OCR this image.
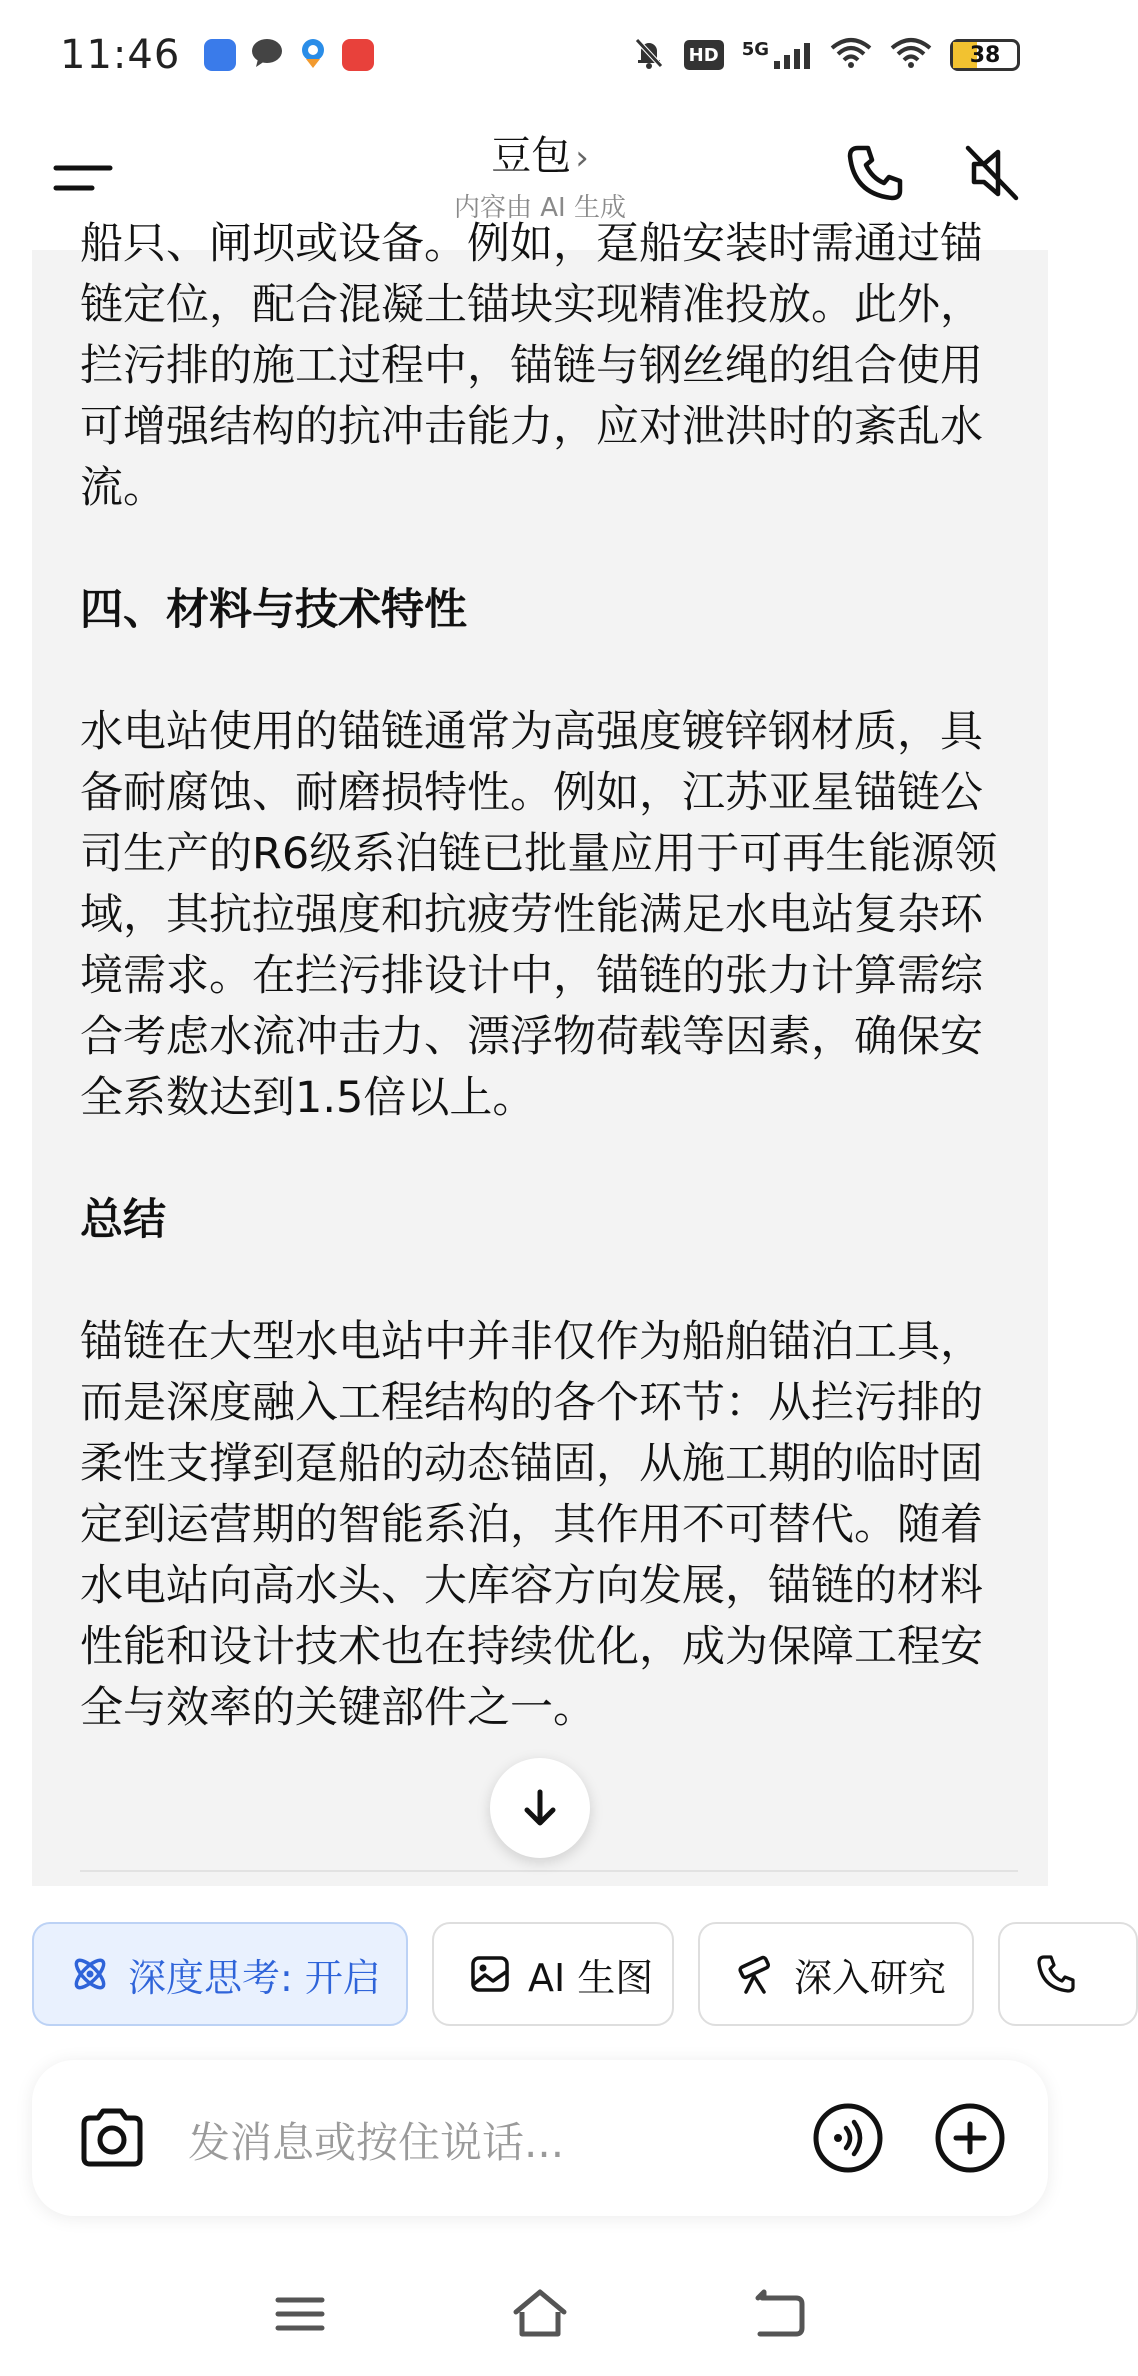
11:46	HD 5G	38
豆包 ›
内容由 AI 生成
船只、闸坝或设备。例如，趸船安装时需通过锚链定位，配合混凝土锚块实现精准投放。此外，拦污排的施工过程中，锚链与钢丝绳的组合使用可增强结构的抗冲击能力，应对泄洪时的紊乱水流。
四、材料与技术特性
水电站使用的锚链通常为高强度镀锌钢材质，具备耐腐蚀、耐磨损特性。例如，江苏亚星锚链公司生产的R6级系泊链已批量应用于可再生能源领域，其抗拉强度和抗疲劳性能满足水电站复杂环境需求。在拦污排设计中，锚链的张力计算需综合考虑水流冲击力、漂浮物荷载等因素，确保安全系数达到1.5倍以上。
总结
锚链在大型水电站中并非仅作为船舶锚泊工具，而是深度融入工程结构的各个环节：从拦污排的柔性支撑到趸船的动态锚固，从施工期的临时固定到运营期的智能系泊，其作用不可替代。随着水电站向高水头、大库容方向发展，锚链的材料性能和设计技术也在持续优化，成为保障工程安全与效率的关键部件之一。
深度思考: 开启	AI 生图	深入研究
发消息或按住说话...
